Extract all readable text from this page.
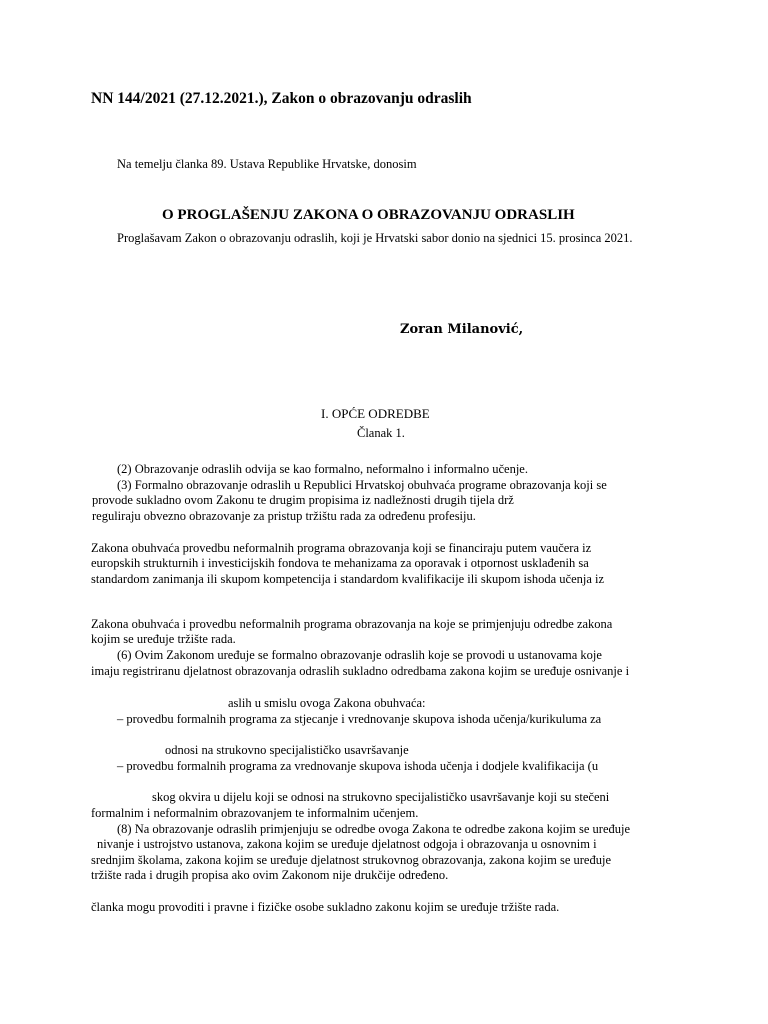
NN 144/2021 (27.12.2021.), Zakon o obrazovanju odraslih
Na temelju članka 89. Ustava Republike Hrvatske, donosim
O PROGLAŠENJU ZAKONA O OBRAZOVANJU ODRASLIH
Proglašavam Zakon o obrazovanju odraslih, koji je Hrvatski sabor donio na sjednici 15. prosinca 2021.
Zoran Milanović,
I. OPĆE ODREDBE
Članak 1.
(2) Obrazovanje odraslih odvija se kao formalno, neformalno i informalno učenje.
(3) Formalno obrazovanje odraslih u Republici Hrvatskoj obuhvaća programe obrazovanja koji se
provode sukladno ovom Zakonu te drugim propisima iz nadležnosti drugih tijela drž
reguliraju obvezno obrazovanje za pristup tržištu rada za određenu profesiju.
Zakona obuhvaća provedbu neformalnih programa obrazovanja koji se financiraju putem vaučera iz
europskih strukturnih i investicijskih fondova te mehanizama za oporavak i otpornost usklađenih sa
standardom zanimanja ili skupom kompetencija i standardom kvalifikacije ili skupom ishoda učenja iz
Zakona obuhvaća i provedbu neformalnih programa obrazovanja na koje se primjenjuju odredbe zakona
kojim se uređuje tržište rada.
(6) Ovim Zakonom uređuje se formalno obrazovanje odraslih koje se provodi u ustanovama koje
imaju registriranu djelatnost obrazovanja odraslih sukladno odredbama zakona kojim se uređuje osnivanje i
aslih u smislu ovoga Zakona obuhvaća:
– provedbu formalnih programa za stjecanje i vrednovanje skupova ishoda učenja/kurikuluma za
odnosi na strukovno specijalističko usavršavanje
– provedbu formalnih programa za vrednovanje skupova ishoda učenja i dodjele kvalifikacija (u
skog okvira u dijelu koji se odnosi na strukovno specijalističko usavršavanje koji su stečeni
formalnim i neformalnim obrazovanjem te informalnim učenjem.
(8) Na obrazovanje odraslih primjenjuju se odredbe ovoga Zakona te odredbe zakona kojim se uređuje
nivanje i ustrojstvo ustanova, zakona kojim se uređuje djelatnost odgoja i obrazovanja u osnovnim i
srednjim školama, zakona kojim se uređuje djelatnost strukovnog obrazovanja, zakona kojim se uređuje
tržište rada i drugih propisa ako ovim Zakonom nije drukčije određeno.
članka mogu provoditi i pravne i fizičke osobe sukladno zakonu kojim se uređuje tržište rada.
